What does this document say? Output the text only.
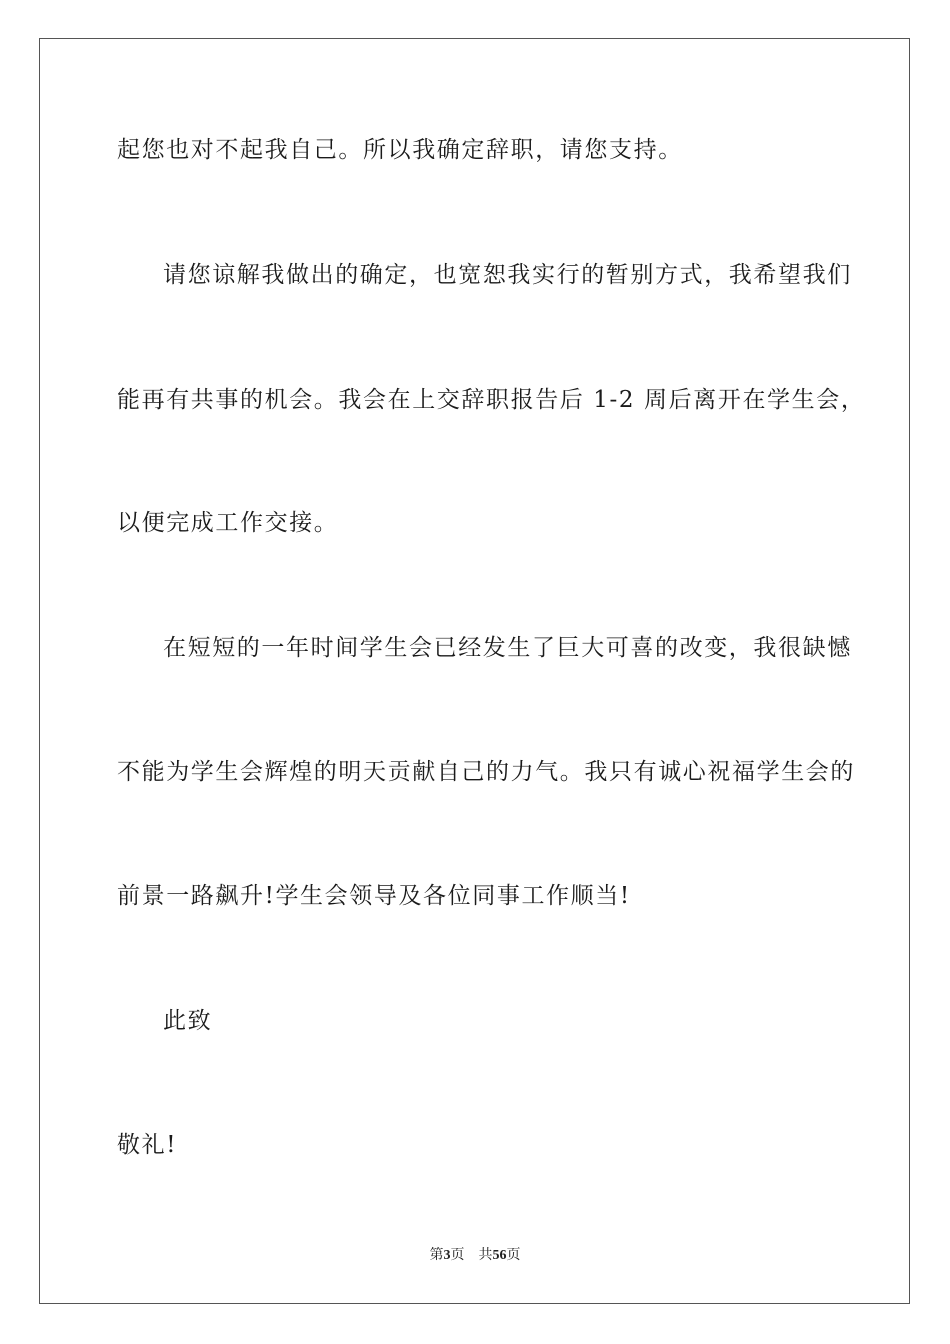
起您也对不起我自己。所以我确定辞职，请您支持。
请您谅解我做出的确定，也宽恕我实行的暂别方式，我希望我们
能再有共事的机会。我会在上交辞职报告后 1-2 周后离开在学生会，
以便完成工作交接。
在短短的一年时间学生会已经发生了巨大可喜的改变，我很缺憾
不能为学生会辉煌的明天贡献自己的力气。我只有诚心祝福学生会的
前景一路飙升!学生会领导及各位同事工作顺当!
此致
敬礼!
第3页 共56页
